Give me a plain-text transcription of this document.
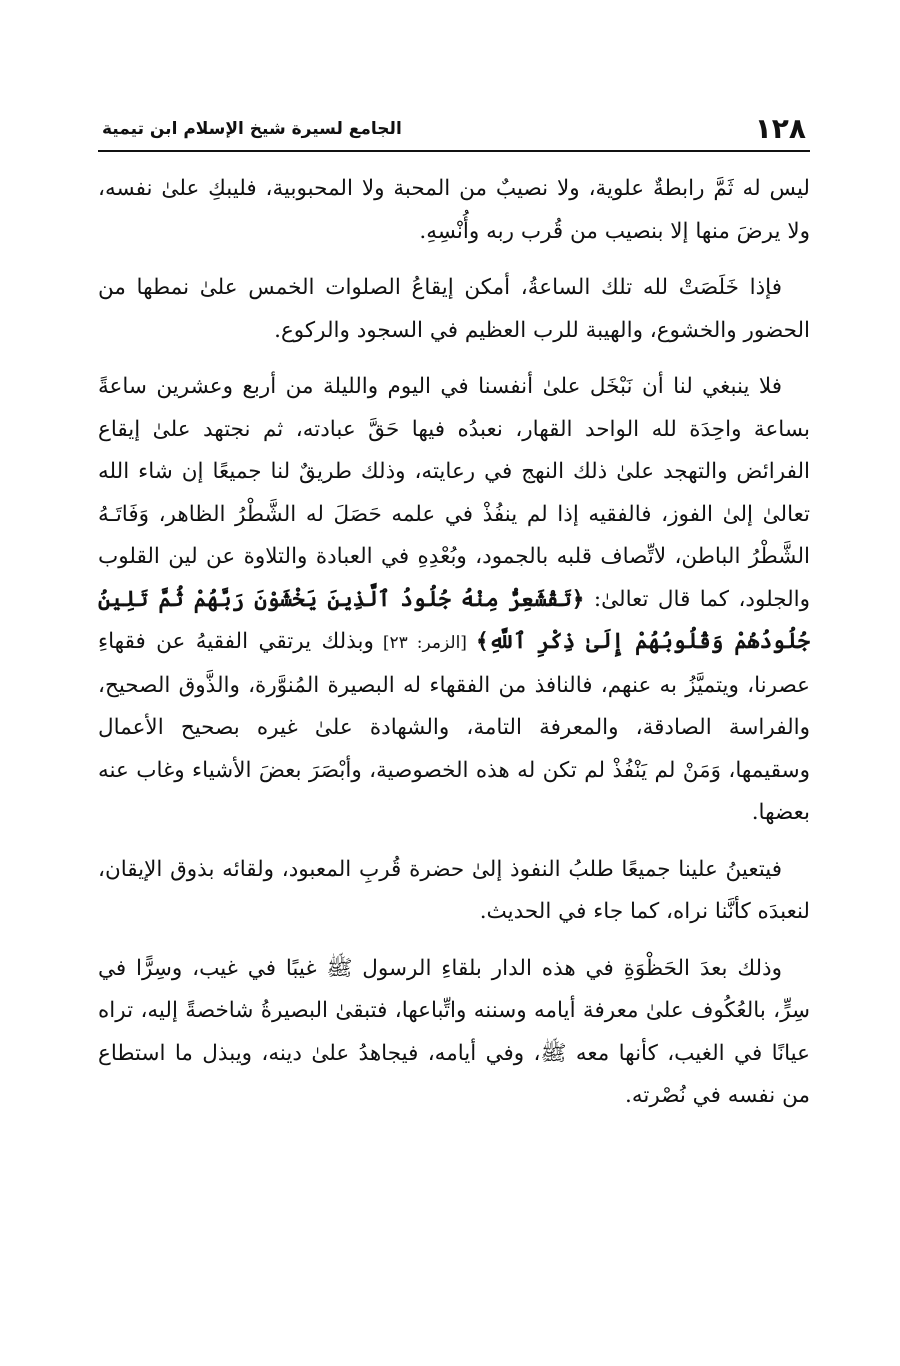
١٢٨
الجامع لسيرة شيخ الإسلام ابن تيمية

ليس له ثَمَّ رابطةٌ علوية، ولا نصيبٌ من المحبة ولا المحبوبية، فليبكِ علىٰ نفسه، ولا يرضَ منها إلا بنصيب من قُرب ربه وأُنْسِهِ.

فإذا خَلَصَتْ لله تلك الساعةُ، أمكن إيقاعُ الصلوات الخمس علىٰ نمطها من الحضور والخشوع، والهيبة للرب العظيم في السجود والركوع.

فلا ينبغي لنا أن نَبْخَل علىٰ أنفسنا في اليوم والليلة من أربع وعشرين ساعةً بساعة واحِدَة لله الواحد القهار، نعبدُه فيها حَقَّ عبادته، ثم نجتهد علىٰ إيقاع الفرائض والتهجد علىٰ ذلك النهج في رعايته، وذلك طريقٌ لنا جميعًا إن شاء الله تعالىٰ إلىٰ الفوز، فالفقيه إذا لم ينفُذْ في علمه حَصَلَ له الشَّطْرُ الظاهر، وَفَاتَـهُ الشَّطْرُ الباطن، لاتِّصاف قلبه بالجمود، وبُعْدِهِ في العبادة والتلاوة عن لين القلوب والجلود، كما قال تعالىٰ: ﴿تَقْشَعِرُّ مِنْهُ جُلُودُ ٱلَّذِينَ يَخْشَوْنَ رَبَّهُمْ ثُمَّ تَلِينُ جُلُودُهُمْ وَقُلُوبُهُمْ إِلَىٰ ذِكْرِ ٱللَّهِ﴾ [الزمر: ٢٣] وبذلك يرتقي الفقيهُ عن فقهاءِ عصرنا، ويتميَّزُ به عنهم، فالنافذ من الفقهاء له البصيرة المُنوَّرة، والذَّوق الصحيح، والفراسة الصادقة، والمعرفة التامة، والشهادة علىٰ غيره بصحيح الأعمال وسقيمها، وَمَنْ لم يَنْفُذْ لم تكن له هذه الخصوصية، وأبْصَرَ بعضَ الأشياء وغاب عنه بعضها.

فيتعينُ علينا جميعًا طلبُ النفوذ إلىٰ حضرة قُربِ المعبود، ولقائه بذوق الإيقان، لنعبدَه كأنَّنا نراه، كما جاء في الحديث.

وذلك بعدَ الحَظْوَةِ في هذه الدار بلقاءِ الرسول ﷺ غيبًا في غيب، وسِرًّا في سِرٍّ، بالعُكُوف علىٰ معرفة أيامه وسننه واتِّباعها، فتبقىٰ البصيرةُ شاخصةً إليه، تراه عيانًا في الغيب، كأنها معه ﷺ، وفي أيامه، فيجاهدُ علىٰ دينه، ويبذل ما استطاع من نفسه في نُصْرته.
